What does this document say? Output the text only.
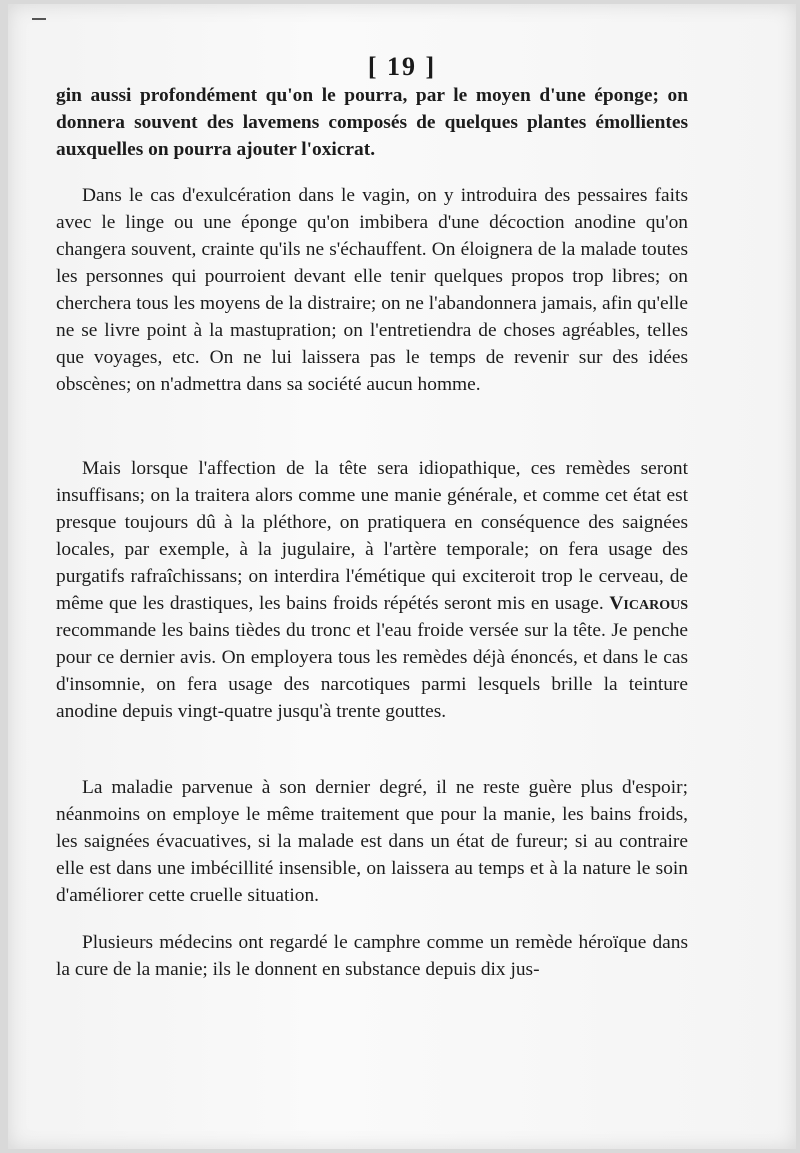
[ 19 ]

gin aussi profondément qu'on le pourra, par le moyen d'une éponge; on donnera souvent des lavemens composés de quelques plantes émollientes auxquelles on pourra ajouter l'oxicrat.

Dans le cas d'exulcération dans le vagin, on y introduira des pessaires faits avec le linge ou une éponge qu'on imbibera d'une décoction anodine qu'on changera souvent, crainte qu'ils ne s'échauffent. On éloignera de la malade toutes les personnes qui pourroient devant elle tenir quelques propos trop libres; on cherchera tous les moyens de la distraire; on ne l'abandonnera jamais, afin qu'elle ne se livre point à la mastupration; on l'entretiendra de choses agréables, telles que voyages, etc. On ne lui laissera pas le temps de revenir sur des idées obscènes; on n'admettra dans sa société aucun homme.

Mais lorsque l'affection de la tête sera idiopathique, ces remèdes seront insuffisans; on la traitera alors comme une manie générale, et comme cet état est presque toujours dû à la pléthore, on pratiquera en conséquence des saignées locales, par exemple, à la jugulaire, à l'artère temporale; on fera usage des purgatifs rafraîchissans; on interdira l'émétique qui exciteroit trop le cerveau, de même que les drastiques, les bains froids répétés seront mis en usage. Vicarous recommande les bains tièdes du tronc et l'eau froide versée sur la tête. Je penche pour ce dernier avis. On employera tous les remèdes déjà énoncés, et dans le cas d'insomnie, on fera usage des narcotiques parmi lesquels brille la teinture anodine depuis vingt-quatre jusqu'à trente gouttes.

La maladie parvenue à son dernier degré, il ne reste guère plus d'espoir; néanmoins on employe le même traitement que pour la manie, les bains froids, les saignées évacuatives, si la malade est dans un état de fureur; si au contraire elle est dans une imbécillité insensible, on laissera au temps et à la nature le soin d'améliorer cette cruelle situation.

Plusieurs médecins ont regardé le camphre comme un remède héroïque dans la cure de la manie; ils le donnent en substance depuis dix jus-
